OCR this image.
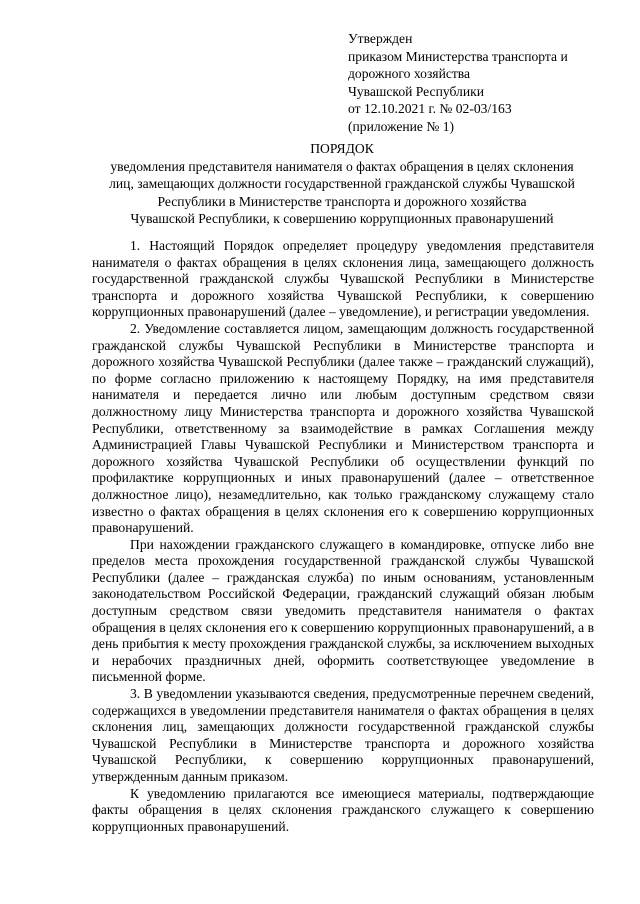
Утвержден
приказом Министерства транспорта и
дорожного хозяйства
Чувашской Республики
от 12.10.2021 г. № 02-03/163
(приложение № 1)
ПОРЯДОК
уведомления представителя нанимателя о фактах обращения в целях склонения
лиц, замещающих должности государственной гражданской службы Чувашской
Республики в Министерстве транспорта и дорожного хозяйства
Чувашской Республики, к совершению коррупционных правонарушений

1. Настоящий Порядок определяет процедуру уведомления представителя нанимателя о фактах обращения в целях склонения лица, замещающего должность государственной гражданской службы Чувашской Республики в Министерстве транспорта и дорожного хозяйства Чувашской Республики, к совершению коррупционных правонарушений (далее – уведомление), и регистрации уведомления.

2. Уведомление составляется лицом, замещающим должность государственной гражданской службы Чувашской Республики в Министерстве транспорта и дорожного хозяйства Чувашской Республики (далее также – гражданский служащий), по форме согласно приложению к настоящему Порядку, на имя представителя нанимателя и передается лично или любым доступным средством связи должностному лицу Министерства транспорта и дорожного хозяйства Чувашской Республики, ответственному за взаимодействие в рамках Соглашения между Администрацией Главы Чувашской Республики и Министерством транспорта и дорожного хозяйства Чувашской Республики об осуществлении функций по профилактике коррупционных и иных правонарушений (далее – ответственное должностное лицо), незамедлительно, как только гражданскому служащему стало известно о фактах обращения в целях склонения его к совершению коррупционных правонарушений.

При нахождении гражданского служащего в командировке, отпуске либо вне пределов места прохождения государственной гражданской службы Чувашской Республики (далее – гражданская служба) по иным основаниям, установленным законодательством Российской Федерации, гражданский служащий обязан любым доступным средством связи уведомить представителя нанимателя о фактах обращения в целях склонения его к совершению коррупционных правонарушений, а в день прибытия к месту прохождения гражданской службы, за исключением выходных и нерабочих праздничных дней, оформить соответствующее уведомление в письменной форме.

3. В уведомлении указываются сведения, предусмотренные перечнем сведений, содержащихся в уведомлении представителя нанимателя о фактах обращения в целях склонения лиц, замещающих должности государственной гражданской службы Чувашской Республики в Министерстве транспорта и дорожного хозяйства Чувашской Республики, к совершению коррупционных правонарушений, утвержденным данным приказом.

К уведомлению прилагаются все имеющиеся материалы, подтверждающие факты обращения в целях склонения гражданского служащего к совершению коррупционных правонарушений.
